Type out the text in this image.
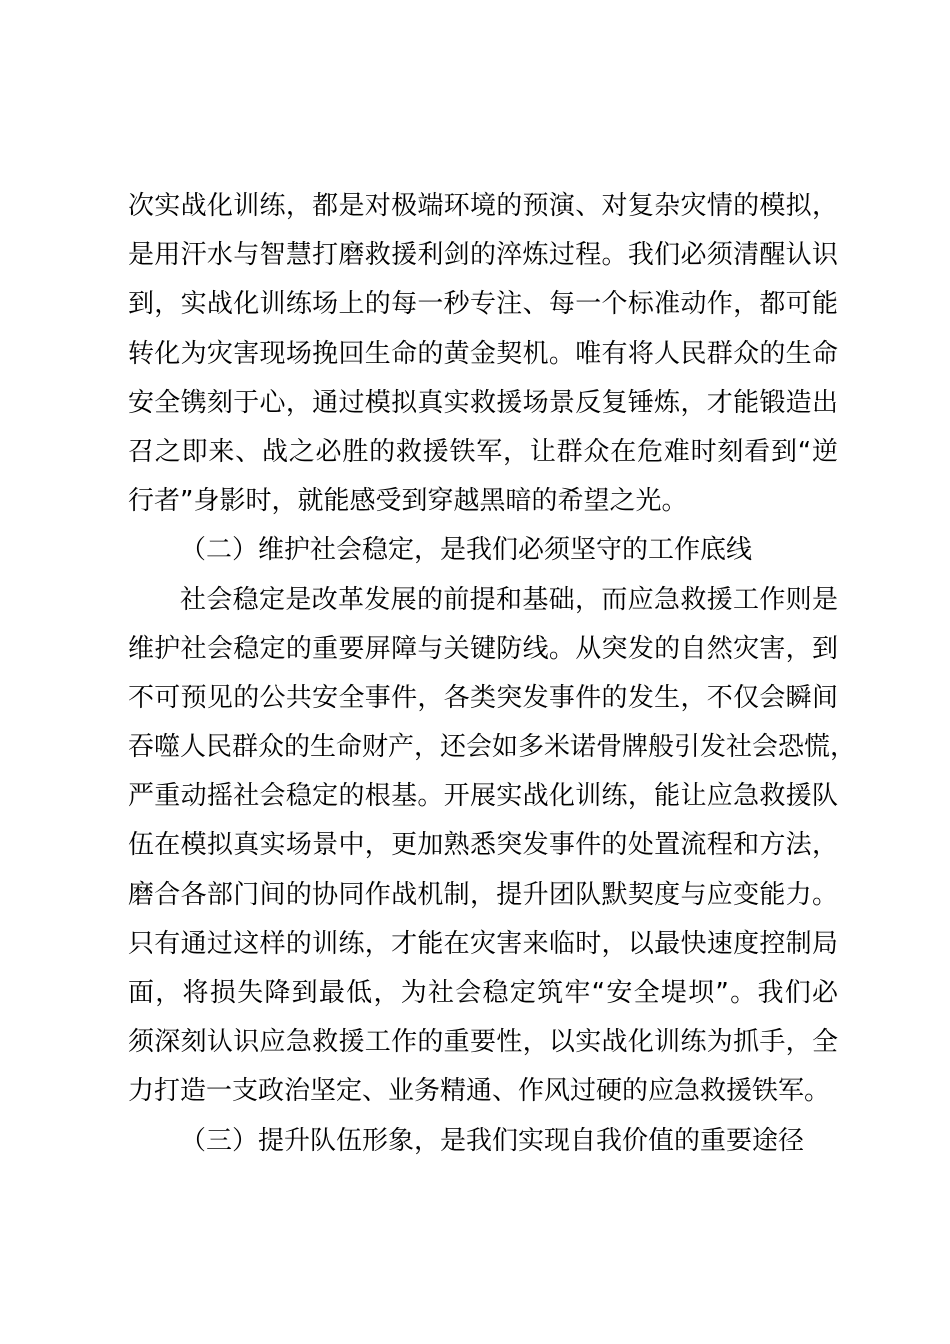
次实战化训练，都是对极端环境的预演、对复杂灾情的模拟，
是用汗水与智慧打磨救援利剑的淬炼过程。我们必须清醒认识
到，实战化训练场上的每一秒专注、每一个标准动作，都可能
转化为灾害现场挽回生命的黄金契机。唯有将人民群众的生命
安全镌刻于心，通过模拟真实救援场景反复锤炼，才能锻造出
召之即来、战之必胜的救援铁军，让群众在危难时刻看到“逆
行者”身影时，就能感受到穿越黑暗的希望之光。
（二）维护社会稳定，是我们必须坚守的工作底线
社会稳定是改革发展的前提和基础，而应急救援工作则是
维护社会稳定的重要屏障与关键防线。从突发的自然灾害，到
不可预见的公共安全事件，各类突发事件的发生，不仅会瞬间
吞噬人民群众的生命财产，还会如多米诺骨牌般引发社会恐慌，
严重动摇社会稳定的根基。开展实战化训练，能让应急救援队
伍在模拟真实场景中，更加熟悉突发事件的处置流程和方法，
磨合各部门间的协同作战机制，提升团队默契度与应变能力。
只有通过这样的训练，才能在灾害来临时，以最快速度控制局
面，将损失降到最低，为社会稳定筑牢“安全堤坝”。我们必
须深刻认识应急救援工作的重要性，以实战化训练为抓手，全
力打造一支政治坚定、业务精通、作风过硬的应急救援铁军。
（三）提升队伍形象，是我们实现自我价值的重要途径
